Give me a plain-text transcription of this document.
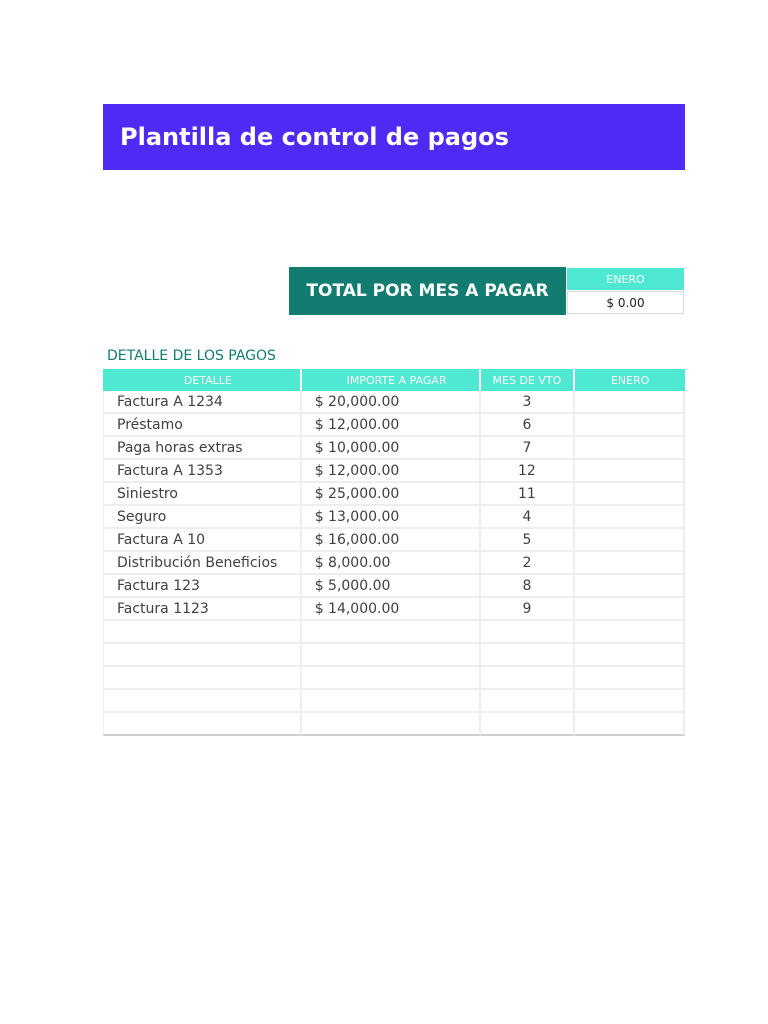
Plantilla de control de pagos
TOTAL POR MES A PAGAR
ENERO
$ 0.00
DETALLE DE LOS PAGOS
DETALLE	IMPORTE A PAGAR	MES DE VTO	ENERO
Factura A 1234	$ 20,000.00	3	
Préstamo	$ 12,000.00	6	
Paga horas extras	$ 10,000.00	7	
Factura A 1353	$ 12,000.00	12	
Siniestro	$ 25,000.00	11	
Seguro	$ 13,000.00	4	
Factura A 10	$ 16,000.00	5	
Distribución Beneficios	$ 8,000.00	2	
Factura 123	$ 5,000.00	8	
Factura 1123	$ 14,000.00	9	
